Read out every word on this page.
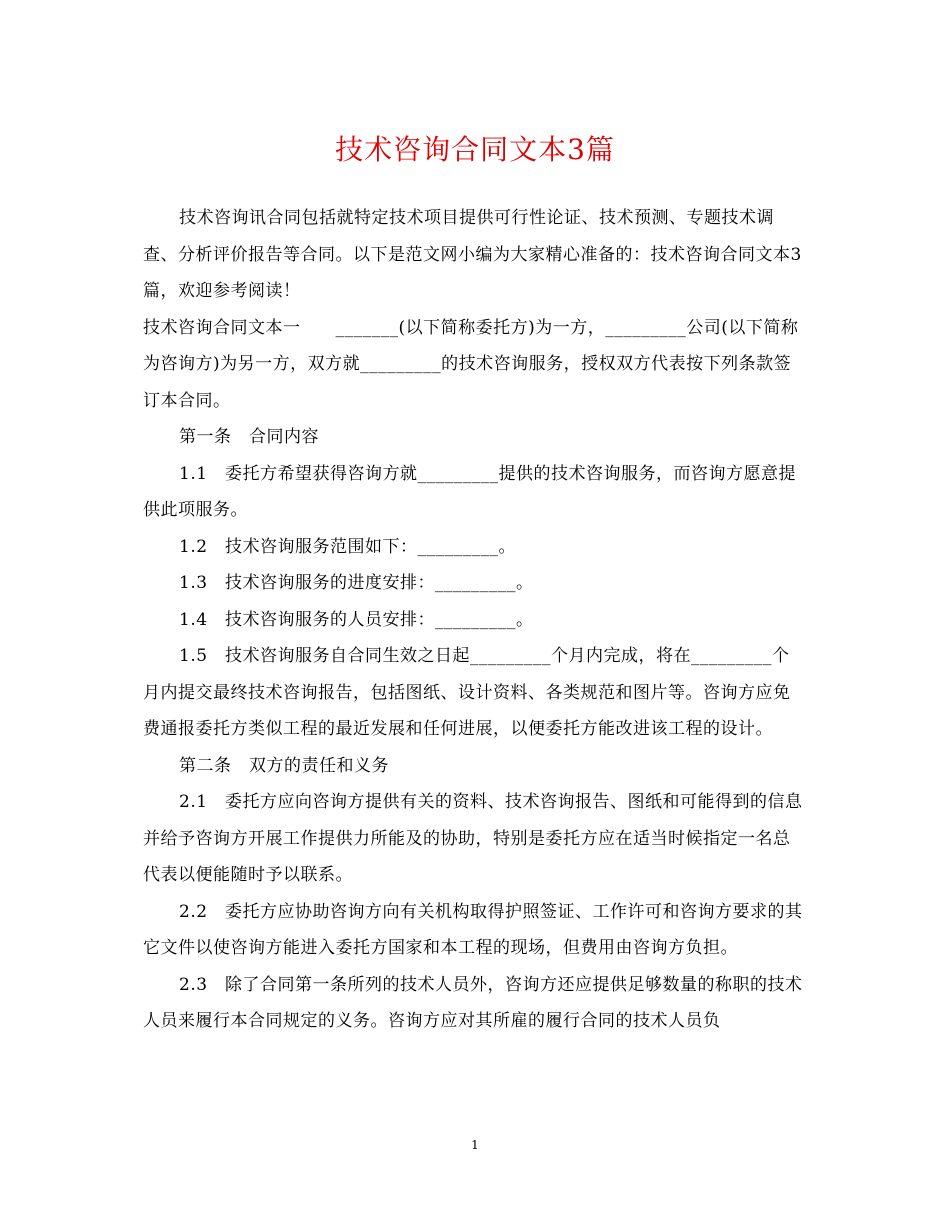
技术咨询合同文本3篇

技术咨询讯合同包括就特定技术项目提供可行性论证、技术预测、专题技术调查、分析评价报告等合同。以下是范文网小编为大家精心准备的：技术咨询合同文本3篇，欢迎参考阅读！

技术咨询合同文本一　　_______(以下简称委托方)为一方，_________公司(以下简称为咨询方)为另一方，双方就_________的技术咨询服务，授权双方代表按下列条款签订本合同。

第一条　合同内容

1.1　委托方希望获得咨询方就_________提供的技术咨询服务，而咨询方愿意提供此项服务。

1.2　技术咨询服务范围如下：_________。

1.3　技术咨询服务的进度安排：_________。

1.4　技术咨询服务的人员安排：_________。

1.5　技术咨询服务自合同生效之日起_________个月内完成，将在_________个月内提交最终技术咨询报告，包括图纸、设计资料、各类规范和图片等。咨询方应免费通报委托方类似工程的最近发展和任何进展，以便委托方能改进该工程的设计。

第二条　双方的责任和义务

2.1　委托方应向咨询方提供有关的资料、技术咨询报告、图纸和可能得到的信息并给予咨询方开展工作提供力所能及的协助，特别是委托方应在适当时候指定一名总代表以便能随时予以联系。

2.2　委托方应协助咨询方向有关机构取得护照签证、工作许可和咨询方要求的其它文件以使咨询方能进入委托方国家和本工程的现场，但费用由咨询方负担。

2.3　除了合同第一条所列的技术人员外，咨询方还应提供足够数量的称职的技术人员来履行本合同规定的义务。咨询方应对其所雇的履行合同的技术人员负

1
